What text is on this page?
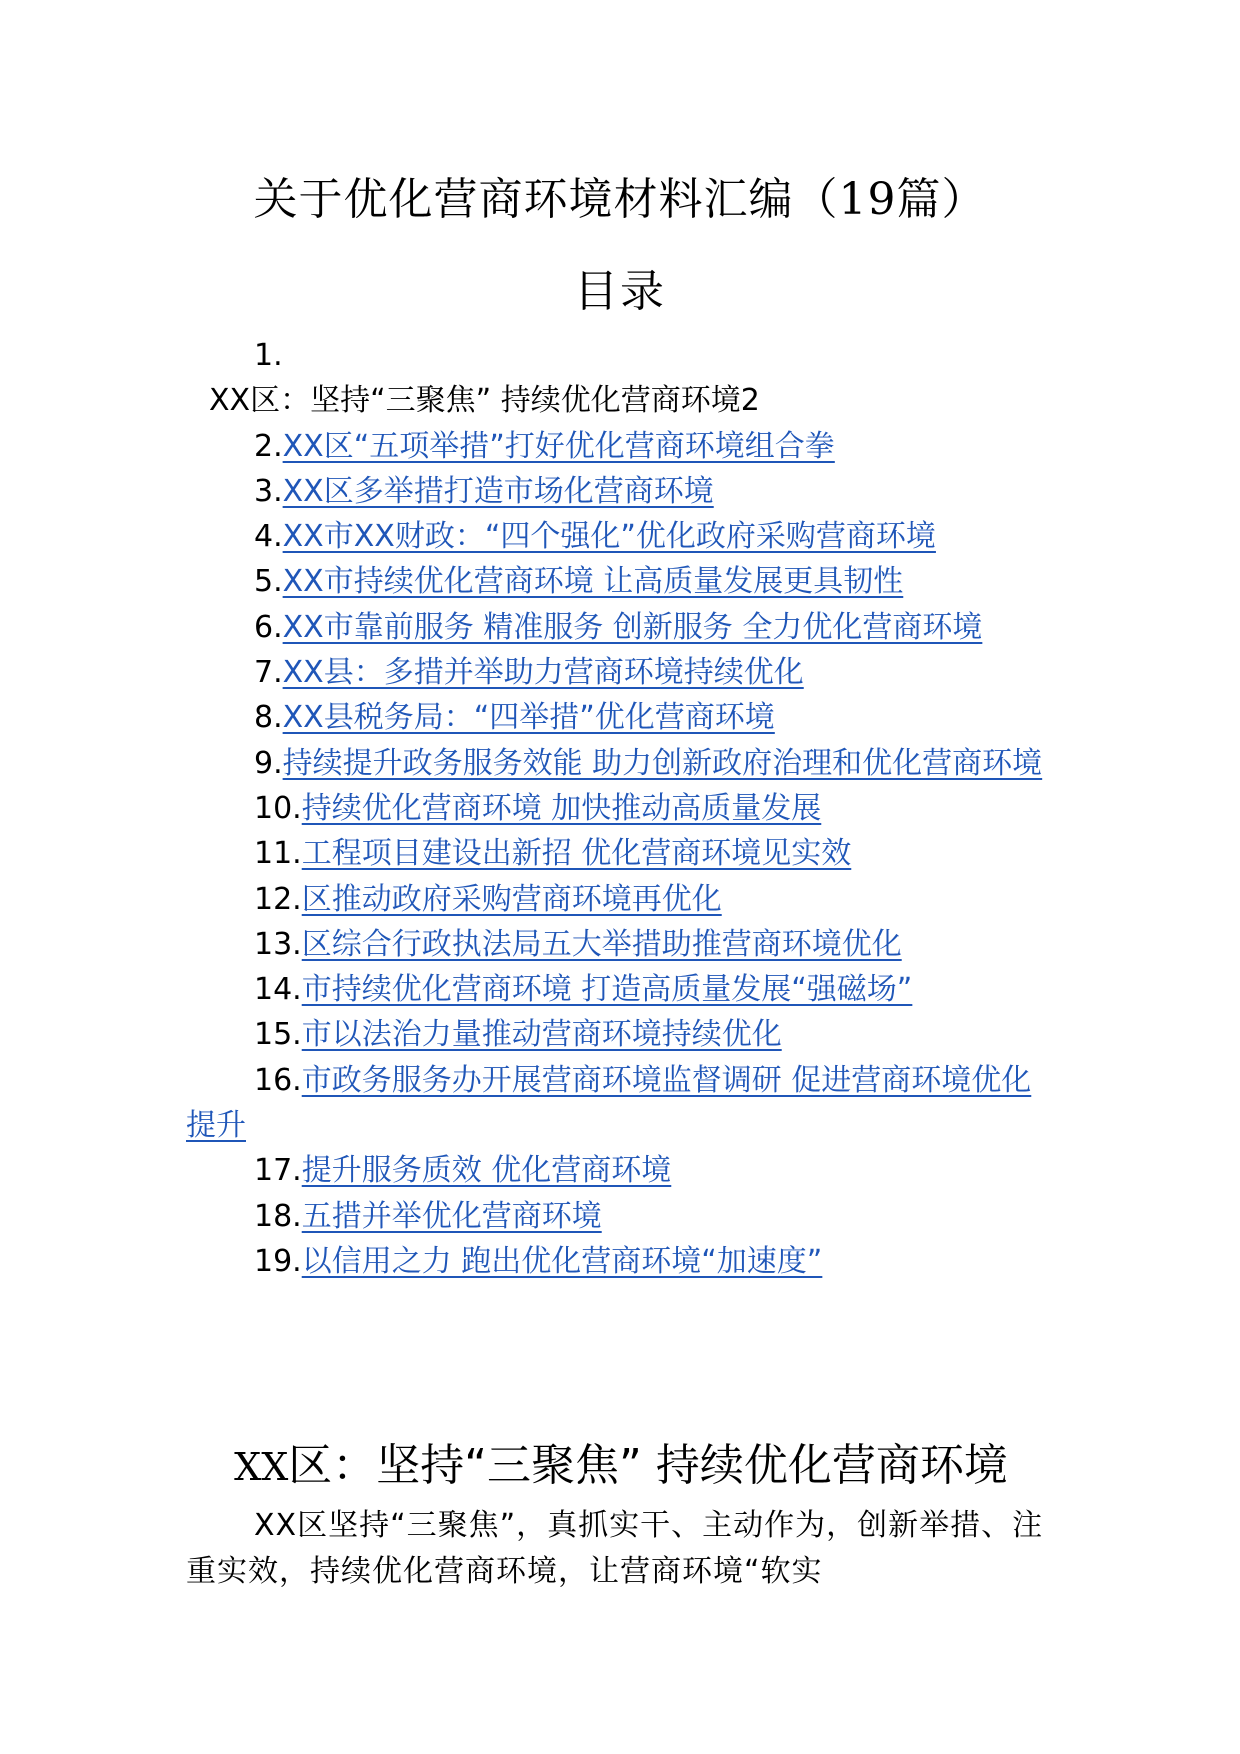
关于优化营商环境材料汇编（19篇）
目录
1.
XX区：坚持“三聚焦” 持续优化营商环境2
2.XX区“五项举措”打好优化营商环境组合拳
3.XX区多举措打造市场化营商环境
4.XX市XX财政：“四个强化”优化政府采购营商环境
5.XX市持续优化营商环境 让高质量发展更具韧性
6.XX市靠前服务 精准服务 创新服务 全力优化营商环境
7.XX县：多措并举助力营商环境持续优化
8.XX县税务局：“四举措”优化营商环境
9.持续提升政务服务效能 助力创新政府治理和优化营商环境
10.持续优化营商环境 加快推动高质量发展
11.工程项目建设出新招 优化营商环境见实效
12.区推动政府采购营商环境再优化
13.区综合行政执法局五大举措助推营商环境优化
14.市持续优化营商环境 打造高质量发展“强磁场”
15.市以法治力量推动营商环境持续优化
16.市政务服务办开展营商环境监督调研 促进营商环境优化提升
17.提升服务质效 优化营商环境
18.五措并举优化营商环境
19.以信用之力 跑出优化营商环境“加速度”
XX区：坚持“三聚焦” 持续优化营商环境
XX区坚持“三聚焦”，真抓实干、主动作为，创新举措、注重实效，持续优化营商环境，让营商环境“软实
